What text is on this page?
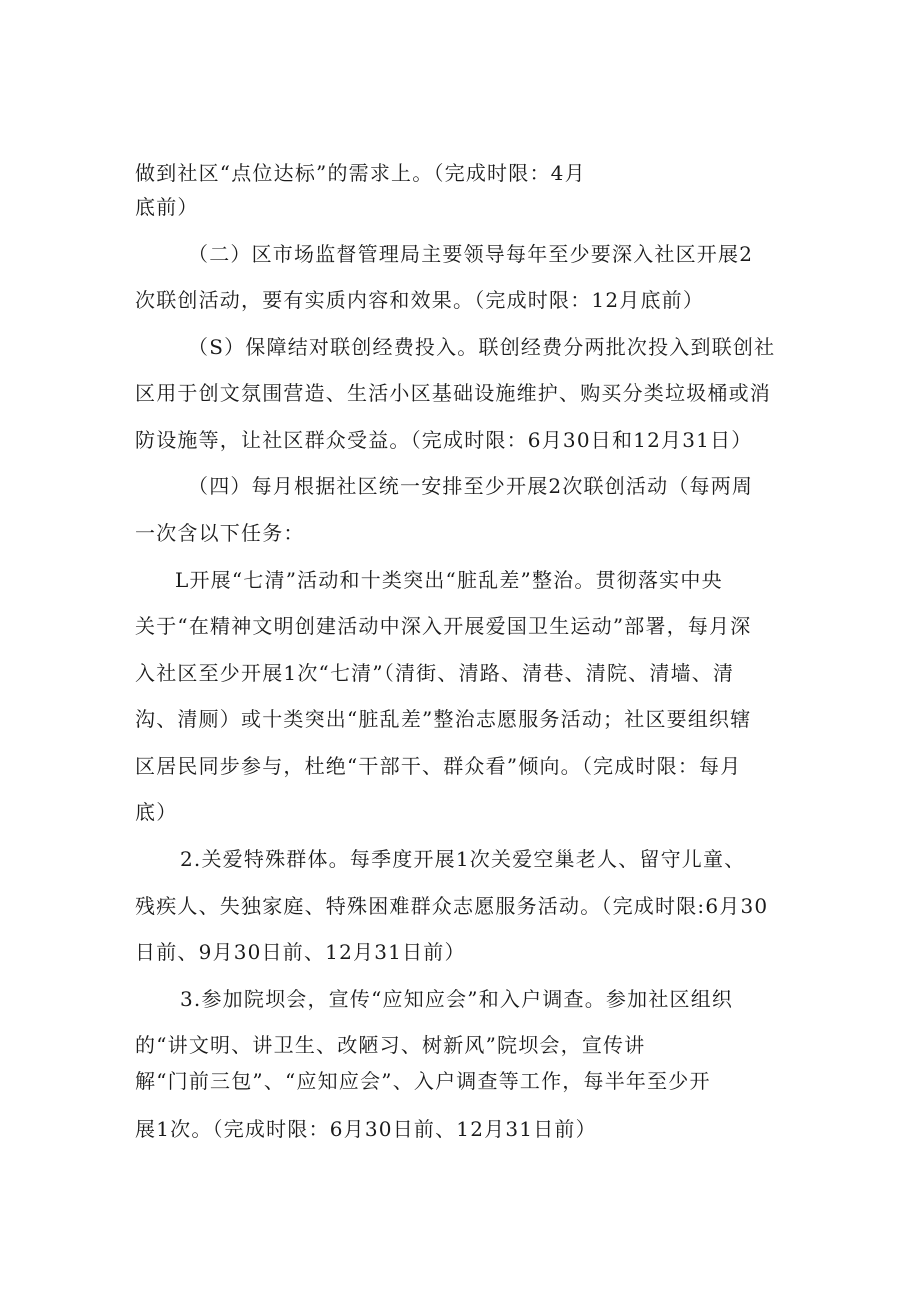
做到社区“点位达标”的需求上。（完成时限：4月
底前）
（二）区市场监督管理局主要领导每年至少要深入社区开展2
次联创活动，要有实质内容和效果。（完成时限：12月底前）
（S）保障结对联创经费投入。联创经费分两批次投入到联创社
区用于创文氛围营造、生活小区基础设施维护、购买分类垃圾桶或消
防设施等，让社区群众受益。（完成时限：6月30日和12月31日）
（四）每月根据社区统一安排至少开展2次联创活动（每两周
一次含以下任务：
L开展“七清”活动和十类突出“脏乱差”整治。贯彻落实中央
关于“在精神文明创建活动中深入开展爱国卫生运动”部署，每月深
入社区至少开展1次“七清”（清街、清路、清巷、清院、清墙、清
沟、清厕）或十类突出“脏乱差”整治志愿服务活动；社区要组织辖
区居民同步参与，杜绝“干部干、群众看”倾向。（完成时限：每月
底）
2.关爱特殊群体。每季度开展1次关爱空巢老人、留守儿童、
残疾人、失独家庭、特殊困难群众志愿服务活动。（完成时限:6月30
日前、9月30日前、12月31日前）
3.参加院坝会，宣传“应知应会”和入户调查。参加社区组织
的“讲文明、讲卫生、改陋习、树新风”院坝会，宣传讲
解“门前三包”、“应知应会”、入户调查等工作，每半年至少开
展1次。（完成时限：6月30日前、12月31日前）
